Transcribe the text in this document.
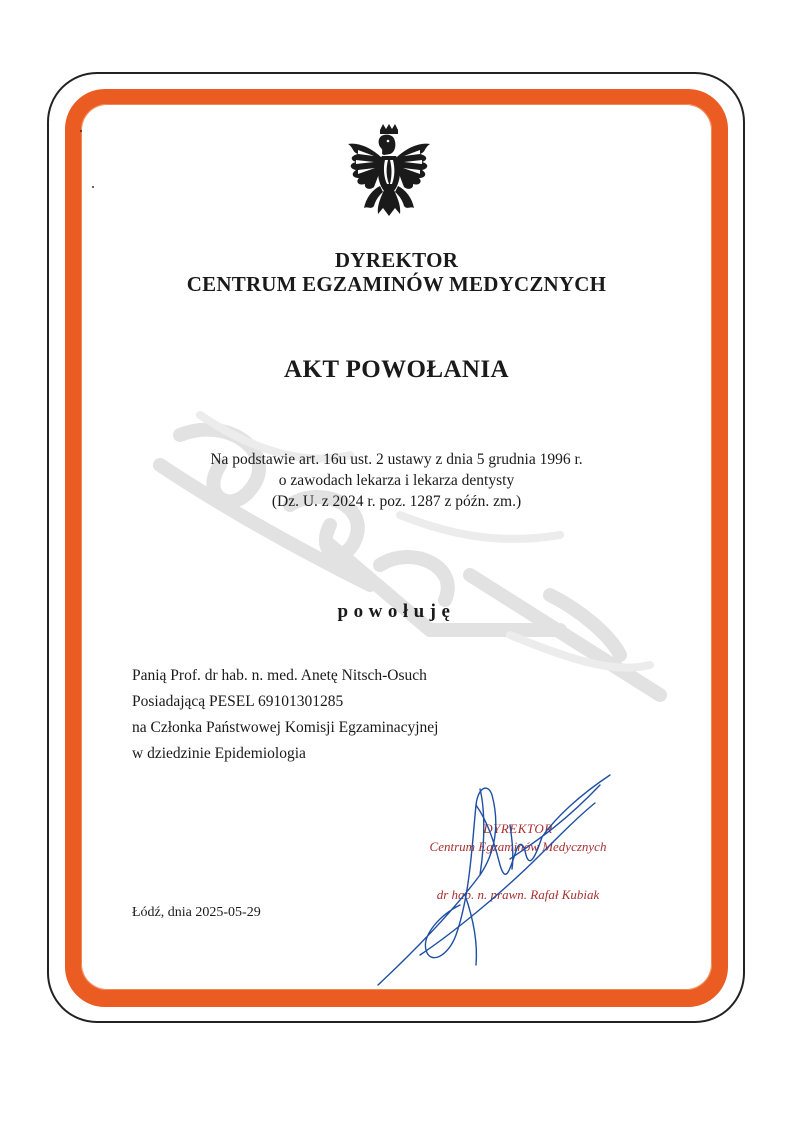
DYREKTOR
CENTRUM EGZAMINÓW MEDYCZNYCH
AKT POWOŁANIA
Na podstawie art. 16u ust. 2 ustawy z dnia 5 grudnia 1996 r.
o zawodach lekarza i lekarza dentysty
(Dz. U. z 2024 r. poz. 1287 z późn. zm.)
powołuję
Panią Prof. dr hab. n. med. Anetę Nitsch-Osuch
Posiadającą PESEL 69101301285
na Członka Państwowej Komisji Egzaminacyjnej
w dziedzinie Epidemiologia
DYREKTOR
Centrum Egzaminów Medycznych
dr hab. n. prawn. Rafał Kubiak
Łódź, dnia 2025-05-29
